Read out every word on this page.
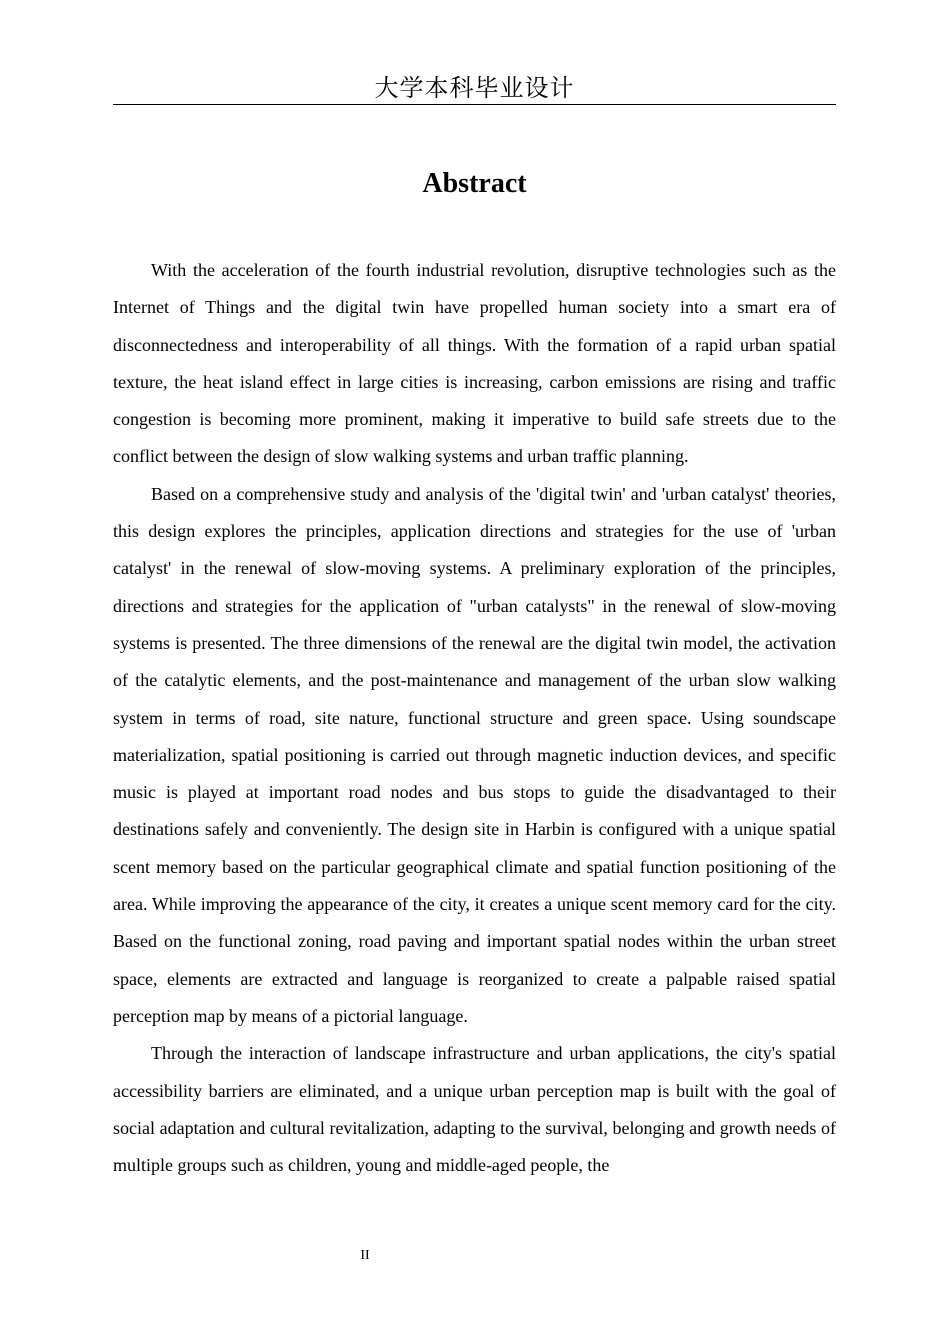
大学本科毕业设计
Abstract

With the acceleration of the fourth industrial revolution, disruptive technologies such as the Internet of Things and the digital twin have propelled human society into a smart era of disconnectedness and interoperability of all things. With the formation of a rapid urban spatial texture, the heat island effect in large cities is increasing, carbon emissions are rising and traffic congestion is becoming more prominent, making it imperative to build safe streets due to the conflict between the design of slow walking systems and urban traffic planning.

Based on a comprehensive study and analysis of the 'digital twin' and 'urban catalyst' theories, this design explores the principles, application directions and strategies for the use of 'urban catalyst' in the renewal of slow-moving systems. A preliminary exploration of the principles, directions and strategies for the application of "urban catalysts" in the renewal of slow-moving systems is presented. The three dimensions of the renewal are the digital twin model, the activation of the catalytic elements, and the post-maintenance and management of the urban slow walking system in terms of road, site nature, functional structure and green space. Using soundscape materialization, spatial positioning is carried out through magnetic induction devices, and specific music is played at important road nodes and bus stops to guide the disadvantaged to their destinations safely and conveniently. The design site in Harbin is configured with a unique spatial scent memory based on the particular geographical climate and spatial function positioning of the area. While improving the appearance of the city, it creates a unique scent memory card for the city. Based on the functional zoning, road paving and important spatial nodes within the urban street space, elements are extracted and language is reorganized to create a palpable raised spatial perception map by means of a pictorial language.

Through the interaction of landscape infrastructure and urban applications, the city's spatial accessibility barriers are eliminated, and a unique urban perception map is built with the goal of social adaptation and cultural revitalization, adapting to the survival, belonging and growth needs of multiple groups such as children, young and middle-aged people, the

II
